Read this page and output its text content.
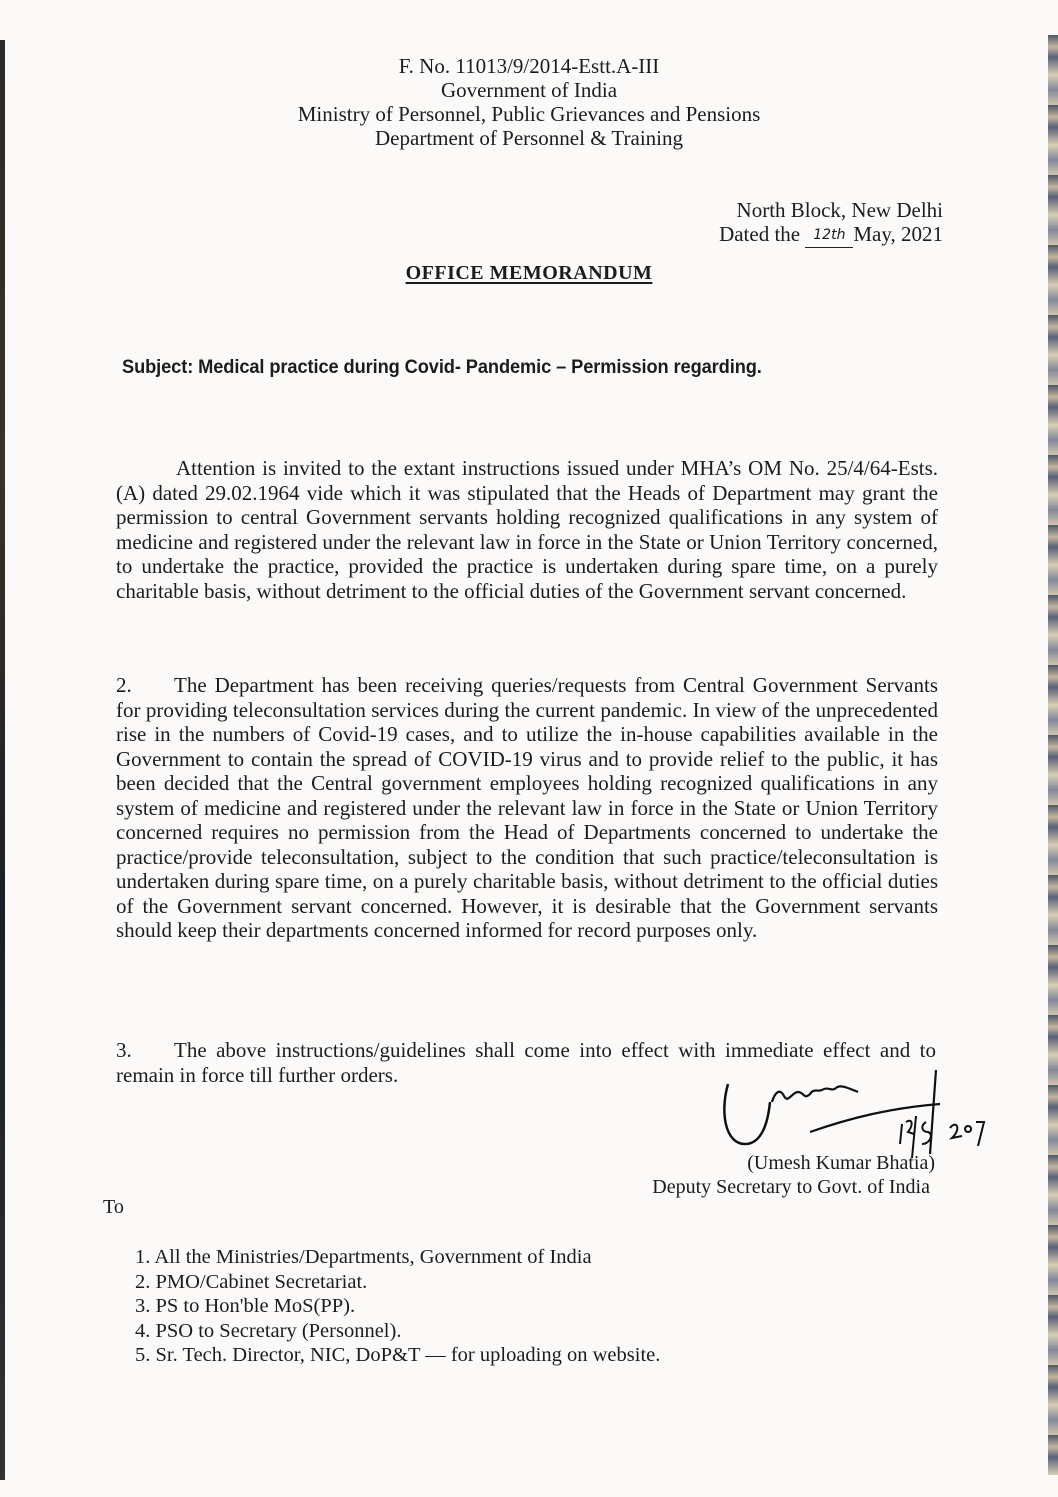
F. No. 11013/9/2014-Estt.A-III
Government of India
Ministry of Personnel, Public Grievances and Pensions
Department of Personnel & Training
North Block, New Delhi
Dated the 12th May, 2021
OFFICE MEMORANDUM
Subject: Medical practice during Covid- Pandemic – Permission regarding.
Attention is invited to the extant instructions issued under MHA’s OM No. 25/4/64-Ests.(A) dated 29.02.1964 vide which it was stipulated that the Heads of Department may grant the permission to central Government servants holding recognized qualifications in any system of medicine and registered under the relevant law in force in the State or Union Territory concerned, to undertake the practice, provided the practice is undertaken during spare time, on a purely charitable basis, without detriment to the official duties of the Government servant concerned.
2. The Department has been receiving queries/requests from Central Government Servants for providing teleconsultation services during the current pandemic. In view of the unprecedented rise in the numbers of Covid-19 cases, and to utilize the in-house capabilities available in the Government to contain the spread of COVID-19 virus and to provide relief to the public, it has been decided that the Central government employees holding recognized qualifications in any system of medicine and registered under the relevant law in force in the State or Union Territory concerned requires no permission from the Head of Departments concerned to undertake the practice/provide teleconsultation, subject to the condition that such practice/teleconsultation is undertaken during spare time, on a purely charitable basis, without detriment to the official duties of the Government servant concerned. However, it is desirable that the Government servants should keep their departments concerned informed for record purposes only.
3. The above instructions/guidelines shall come into effect with immediate effect and to remain in force till further orders.
(Umesh Kumar Bhatia)
Deputy Secretary to Govt. of India
To
1. All the Ministries/Departments, Government of India
2. PMO/Cabinet Secretariat.
3. PS to Hon'ble MoS(PP).
4. PSO to Secretary (Personnel).
5. Sr. Tech. Director, NIC, DoP&T — for uploading on website.
